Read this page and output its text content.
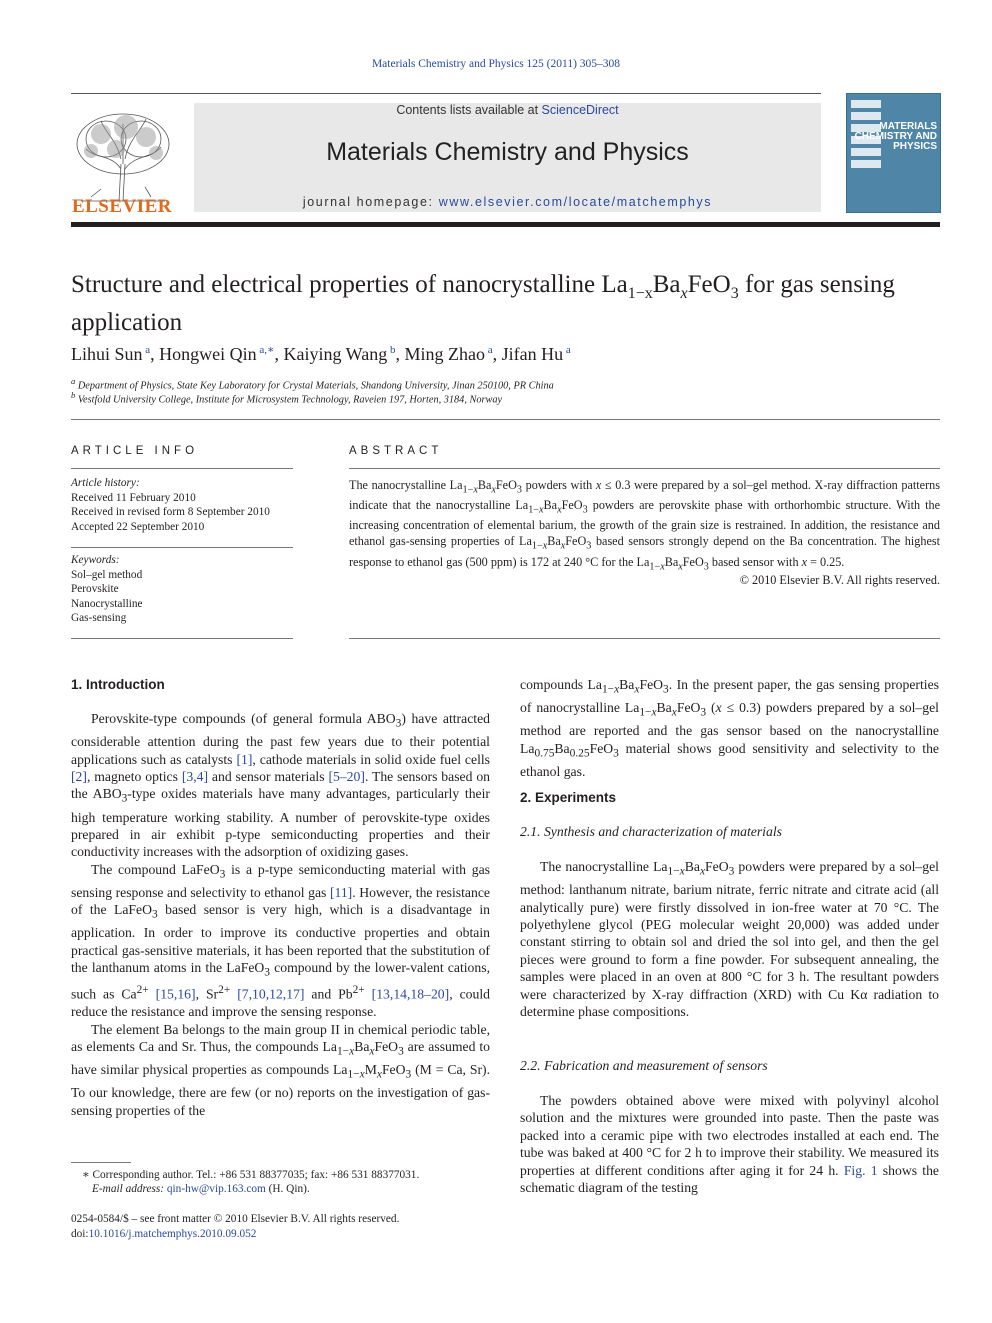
Materials Chemistry and Physics 125 (2011) 305–308
ELSEVIER
Contents lists available at ScienceDirect
Materials Chemistry and Physics
journal homepage: www.elsevier.com/locate/matchemphys
MATERIALS CHEMISTRY AND PHYSICS
Structure and electrical properties of nanocrystalline $La_{1-x}Ba_xFeO_3$ for gas sensing application
Lihui Sun $^a$, Hongwei Qin $^{a,∗}$, Kaiying Wang $^b$, Ming Zhao $^a$, Jifan Hu $^a$
$^a$ Department of Physics, State Key Laboratory for Crystal Materials, Shandong University, Jinan 250100, PR China
$^b$ Vestfold University College, Institute for Microsystem Technology, Raveien 197, Horten, 3184, Norway
ARTICLE INFO
Article history:
Received 11 February 2010
Received in revised form 8 September 2010
Accepted 22 September 2010
Keywords:
Sol–gel method
Perovskite
Nanocrystalline
Gas-sensing
ABSTRACT
The nanocrystalline $La_{1-x}Ba_xFeO_3$ powders with x ≤ 0.3 were prepared by a sol–gel method. X-ray diffraction patterns indicate that the nanocrystalline $La_{1-x}Ba_xFeO_3$ powders are perovskite phase with orthorhombic structure. With the increasing concentration of elemental barium, the growth of the grain size is restrained. In addition, the resistance and ethanol gas-sensing properties of $La_{1-x}Ba_xFeO_3$ based sensors strongly depend on the Ba concentration. The highest response to ethanol gas (500 ppm) is 172 at 240 °C for the $La_{1-x}Ba_xFeO_3$ based sensor with x = 0.25.
© 2010 Elsevier B.V. All rights reserved.
1. Introduction

Perovskite-type compounds (of general formula $ABO_3$) have attracted considerable attention during the past few years due to their potential applications such as catalysts [1], cathode materials in solid oxide fuel cells [2], magneto optics [3,4] and sensor materials [5–20]. The sensors based on the $ABO_3$-type oxides materials have many advantages, particularly their high temperature working stability. A number of perovskite-type oxides prepared in air exhibit p-type semiconducting properties and their conductivity increases with the adsorption of oxidizing gases.

The compound LaFeO$_3$ is a p-type semiconducting material with gas sensing response and selectivity to ethanol gas [11]. However, the resistance of the LaFeO$_3$ based sensor is very high, which is a disadvantage in application. In order to improve its conductive properties and obtain practical gas-sensitive materials, it has been reported that the substitution of the lanthanum atoms in the LaFeO$_3$ compound by the lower-valent cations, such as $Ca^{2+}$ [15,16], $Sr^{2+}$ [7,10,12,17] and $Pb^{2+}$ [13,14,18–20], could reduce the resistance and improve the sensing response.

The element Ba belongs to the main group II in chemical periodic table, as elements Ca and Sr. Thus, the compounds $La_{1-x}Ba_xFeO_3$ are assumed to have similar physical properties as compounds $La_{1-x}M_xFeO_3$ (M = Ca, Sr). To our knowledge, there are few (or no) reports on the investigation of gas-sensing properties of the

∗ Corresponding author. Tel.: +86 531 88377035; fax: +86 531 88377031.
E-mail address: qin-hw@vip.163.com (H. Qin).
0254-0584/$ – see front matter © 2010 Elsevier B.V. All rights reserved.
doi:10.1016/j.matchemphys.2010.09.052

compounds $La_{1-x}Ba_xFeO_3$. In the present paper, the gas sensing properties of nanocrystalline $La_{1-x}Ba_xFeO_3$ (x ≤ 0.3) powders prepared by a sol–gel method are reported and the gas sensor based on the nanocrystalline $La_{0.75}Ba_{0.25}FeO_3$ material shows good sensitivity and selectivity to the ethanol gas.

2. Experiments
2.1. Synthesis and characterization of materials

The nanocrystalline $La_{1-x}Ba_xFeO_3$ powders were prepared by a sol–gel method: lanthanum nitrate, barium nitrate, ferric nitrate and citrate acid (all analytically pure) were firstly dissolved in ion-free water at 70 °C. The polyethylene glycol (PEG molecular weight 20,000) was added under constant stirring to obtain sol and dried the sol into gel, and then the gel pieces were ground to form a fine powder. For subsequent annealing, the samples were placed in an oven at 800 °C for 3 h. The resultant powders were characterized by X-ray diffraction (XRD) with Cu Kα radiation to determine phase compositions.

2.2. Fabrication and measurement of sensors

The powders obtained above were mixed with polyvinyl alcohol solution and the mixtures were grounded into paste. Then the paste was packed into a ceramic pipe with two electrodes installed at each end. The tube was baked at 400 °C for 2 h to improve their stability. We measured its properties at different conditions after aging it for 24 h. Fig. 1 shows the schematic diagram of the testing
